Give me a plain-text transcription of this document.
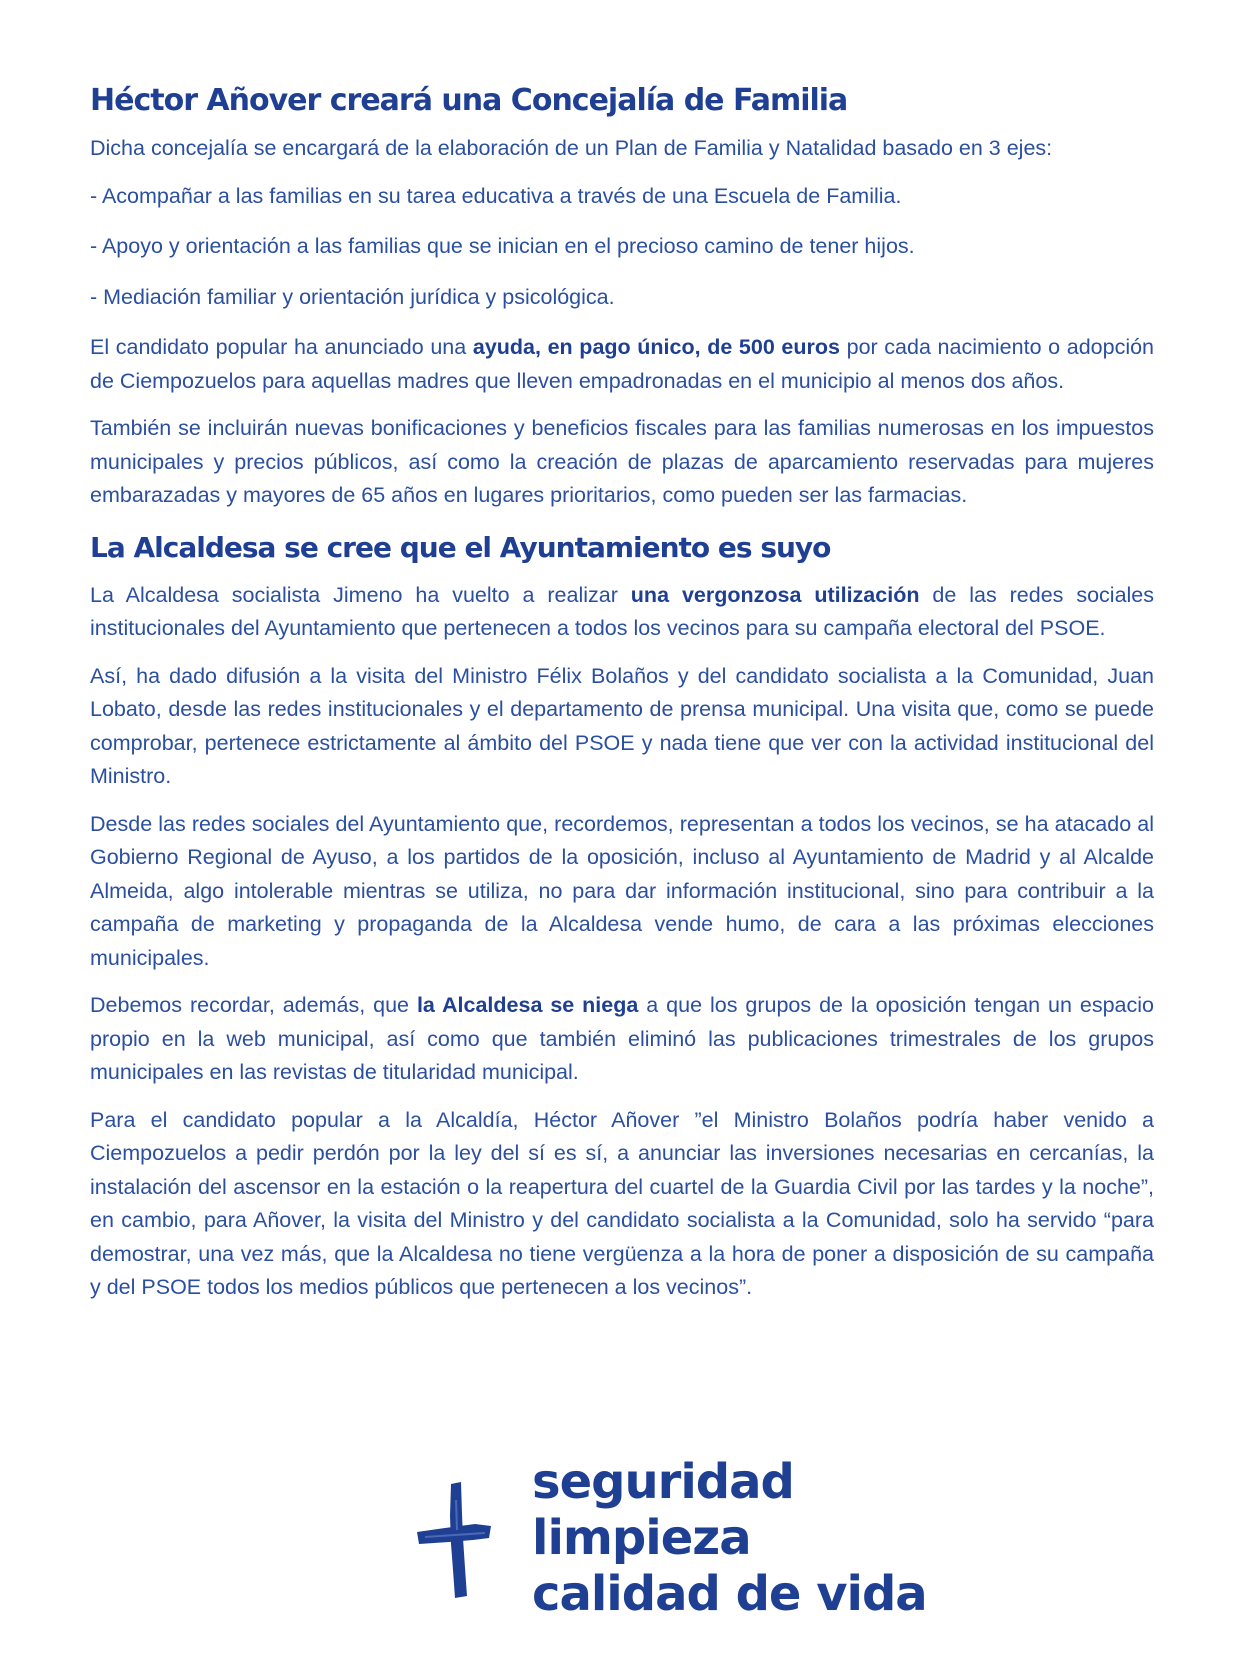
Héctor Añover creará una Concejalía de Familia

Dicha concejalía se encargará de la elaboración de un Plan de Familia y Natalidad basado en 3 ejes:

- Acompañar a las familias en su tarea educativa a través de una Escuela de Familia.

- Apoyo y orientación a las familias que se inician en el precioso camino de tener hijos.

- Mediación familiar y orientación jurídica y psicológica.

El candidato popular ha anunciado una ayuda, en pago único, de 500 euros por cada nacimiento o adopción de Ciempozuelos para aquellas madres que lleven empadronadas en el municipio al menos dos años.

También se incluirán nuevas bonificaciones y beneficios fiscales para las familias numerosas en los impuestos municipales y precios públicos, así como la creación de plazas de aparcamiento reservadas para mujeres embarazadas y mayores de 65 años en lugares prioritarios, como pueden ser las farmacias.

La Alcaldesa se cree que el Ayuntamiento es suyo

La Alcaldesa socialista Jimeno ha vuelto a realizar una vergonzosa utilización de las redes sociales institucionales del Ayuntamiento que pertenecen a todos los vecinos para su campaña electoral del PSOE.

Así, ha dado difusión a la visita del Ministro Félix Bolaños y del candidato socialista a la Comunidad, Juan Lobato, desde las redes institucionales y el departamento de prensa municipal. Una visita que, como se puede comprobar, pertenece estrictamente al ámbito del PSOE y nada tiene que ver con la actividad institucional del Ministro.

Desde las redes sociales del Ayuntamiento que, recordemos, representan a todos los vecinos, se ha atacado al Gobierno Regional de Ayuso, a los partidos de la oposición, incluso al Ayuntamiento de Madrid y al Alcalde Almeida, algo intolerable mientras se utiliza, no para dar información institucional, sino para contribuir a la campaña de marketing y propaganda de la Alcaldesa vende humo, de cara a las próximas elecciones municipales.

Debemos recordar, además, que la Alcaldesa se niega a que los grupos de la oposición tengan un espacio propio en la web municipal, así como que también eliminó las publicaciones trimestrales de los grupos municipales en las revistas de titularidad municipal.

Para el candidato popular a la Alcaldía, Héctor Añover ”el Ministro Bolaños podría haber venido a Ciempozuelos a pedir perdón por la ley del sí es sí, a anunciar las inversiones necesarias en cercanías, la instalación del ascensor en la estación o la reapertura del cuartel de la Guardia Civil por las tardes y la noche”, en cambio, para Añover, la visita del Ministro y del candidato socialista a la Comunidad, solo ha servido “para demostrar, una vez más, que la Alcaldesa no tiene vergüenza a la hora de poner a disposición de su campaña y del PSOE todos los medios públicos que pertenecen a los vecinos”.

seguridad
limpieza
calidad de vida
